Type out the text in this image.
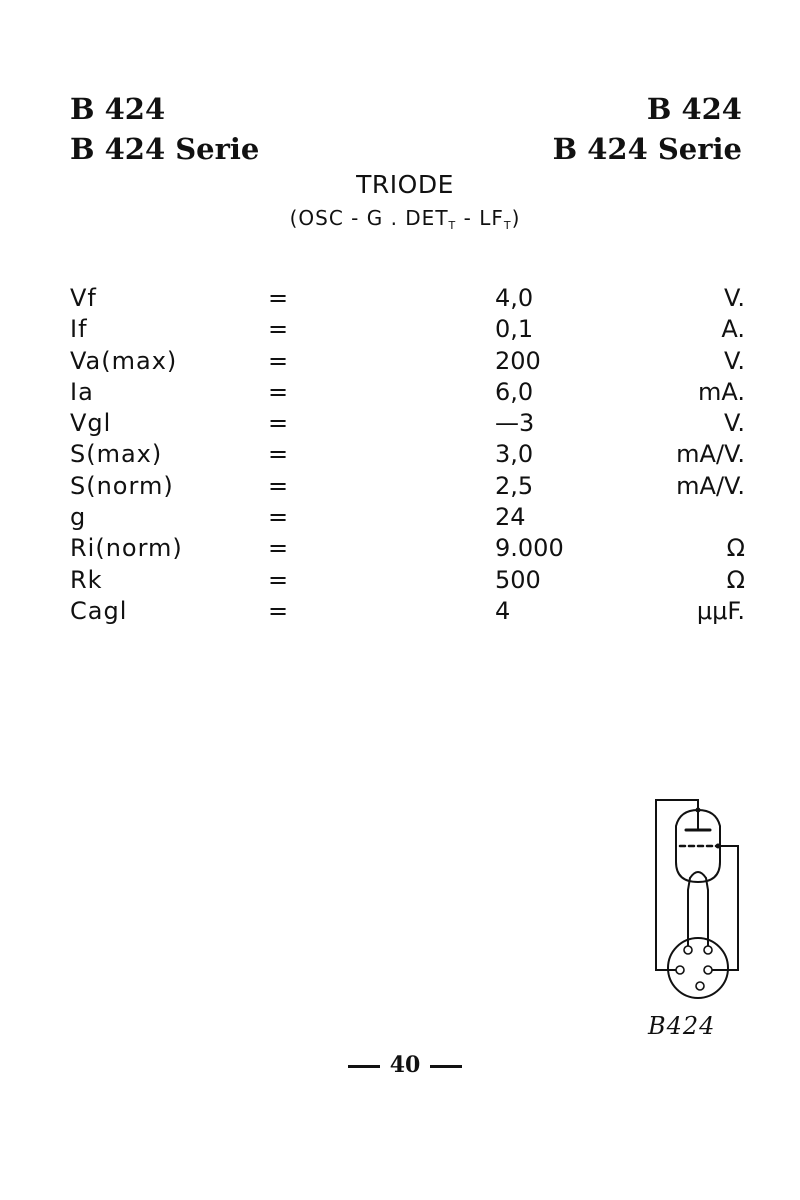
B 424
B 424 Serie
B 424
B 424 Serie
TRIODE
(OSC - G . $DET_T - LF_T$)
Vf	=	4,0	V.
If	=	0,1	A.
Va(max)	=	200	V.
Ia	=	6,0	mA.
Vgl	=	—3	V.
S(max)	=	3,0	mA/V.
S(norm)	=	2,5	mA/V.
g	=	24
Ri(norm)	=	9.000	Ω
Rk	=	500	Ω
Cagl	=	4	μμF.
B424
40
